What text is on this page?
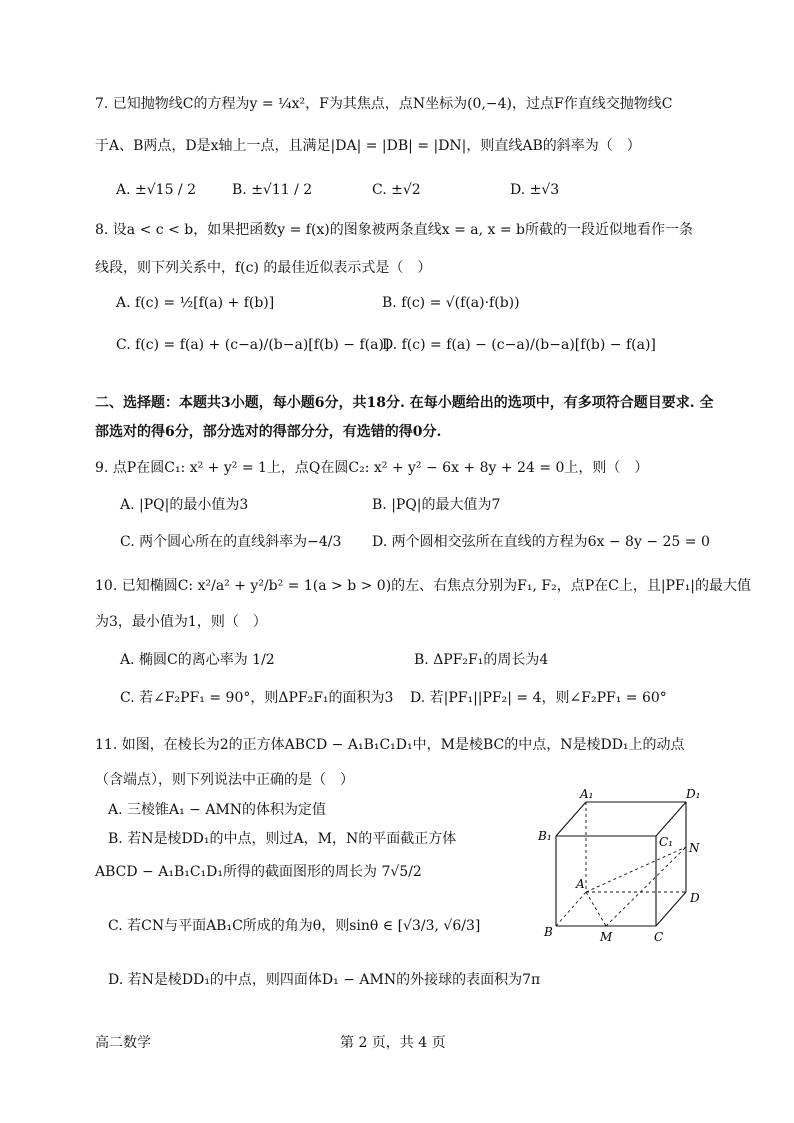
7. 已知抛物线C的方程为y = ¼x²，F为其焦点，点N坐标为(0,−4)，过点F作直线交抛物线C
于A、B两点，D是x轴上一点，且满足|DA| = |DB| = |DN|，则直线AB的斜率为（　）
A. ±√15 / 2	B. ±√11 / 2	C. ±√2	D. ±√3
8. 设a < c < b，如果把函数y = f(x)的图象被两条直线x = a, x = b所截的一段近似地看作一条
线段，则下列关系中，f(c) 的最佳近似表示式是（　）
A. f(c) = ½[f(a) + f(b)]	B. f(c) = √(f(a)·f(b))
C. f(c) = f(a) + (c−a)/(b−a)[f(b) − f(a)]
D. f(c) = f(a) − (c−a)/(b−a)[f(b) − f(a)]
二、选择题：本题共3小题，每小题6分，共18分. 在每小题给出的选项中，有多项符合题目要求. 全
部选对的得6分，部分选对的得部分分，有选错的得0分.
9. 点P在圆C₁: x² + y² = 1上，点Q在圆C₂: x² + y² − 6x + 8y + 24 = 0上，则（　）
A. |PQ|的最小值为3	B. |PQ|的最大值为7
C. 两个圆心所在的直线斜率为−4/3 D. 两个圆相交弦所在直线的方程为6x − 8y − 25 = 0
10. 已知椭圆C: x²/a² + y²/b² = 1(a > b > 0)的左、右焦点分别为F₁, F₂，点P在C上，且|PF₁|的最大值
为3，最小值为1，则（　）
A. 椭圆C的离心率为 1/2	B. ΔPF₂F₁的周长为4
C. 若∠F₂PF₁ = 90°，则ΔPF₂F₁的面积为3 D. 若|PF₁||PF₂| = 4，则∠F₂PF₁ = 60°
11. 如图，在棱长为2的正方体ABCD − A₁B₁C₁D₁中，M是棱BC的中点，N是棱DD₁上的动点
（含端点），则下列说法中正确的是（　）
A. 三棱锥A₁ − AMN的体积为定值
B. 若N是棱DD₁的中点，则过A，M，N的平面截正方体
ABCD − A₁B₁C₁D₁所得的截面图形的周长为 7√5/2
C. 若CN与平面AB₁C所成的角为θ，则sinθ ∈ [√3/3, √6/3]
D. 若N是棱DD₁的中点，则四面体D₁ − AMN的外接球的表面积为7π
A₁	D₁
B₁	C₁ N
A
D
B	M	C
高二数学	第 2 页，共 4 页
